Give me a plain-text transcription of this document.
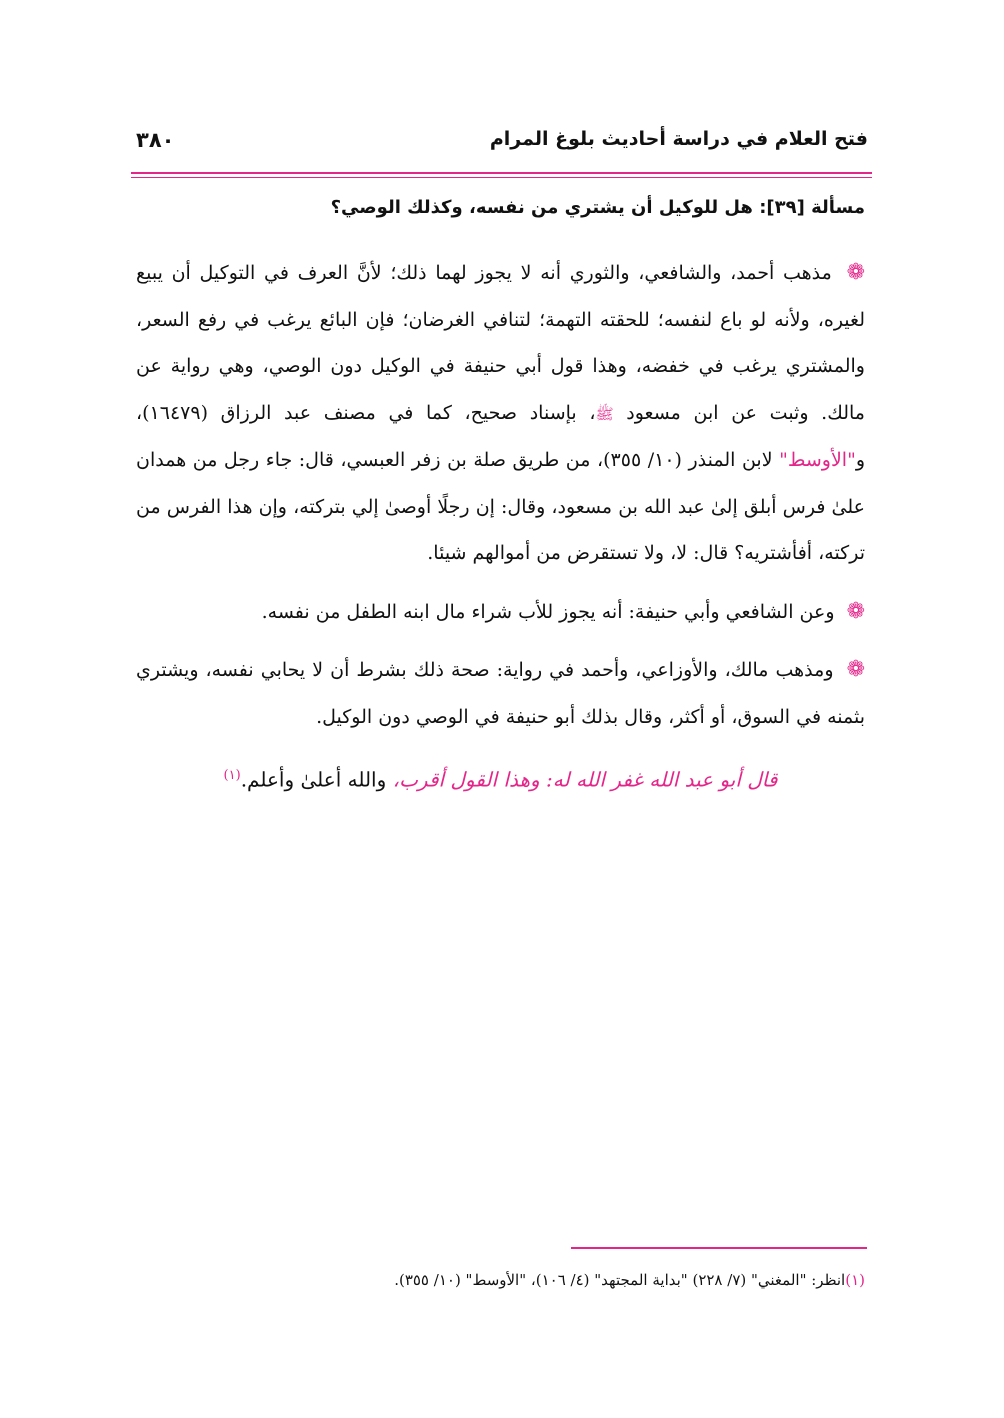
فتح العلام في دراسة أحاديث بلوغ المرام
٣٨٠
مسألة [٣٩]: هل للوكيل أن يشتري من نفسه، وكذلك الوصي؟

❁ مذهب أحمد، والشافعي، والثوري أنه لا يجوز لهما ذلك؛ لأنَّ العرف في التوكيل أن يبيع لغيره، ولأنه لو باع لنفسه؛ للحقته التهمة؛ لتنافي الغرضان؛ فإن البائع يرغب في رفع السعر، والمشتري يرغب في خفضه، وهذا قول أبي حنيفة في الوكيل دون الوصي، وهي رواية عن مالك. وثبت عن ابن مسعود ﷺ، بإسناد صحيح، كما في مصنف عبد الرزاق (١٦٤٧٩)، و"الأوسط" لابن المنذر (١٠/ ٣٥٥)، من طريق صلة بن زفر العبسي، قال: جاء رجل من همدان علىٰ فرس أبلق إلىٰ عبد الله بن مسعود، وقال: إن رجلًا أوصىٰ إلي بتركته، وإن هذا الفرس من تركته، أفأشتريه؟ قال: لا، ولا تستقرض من أموالهم شيئا.

❁ وعن الشافعي وأبي حنيفة: أنه يجوز للأب شراء مال ابنه الطفل من نفسه.

❁ ومذهب مالك، والأوزاعي، وأحمد في رواية: صحة ذلك بشرط أن لا يحابي نفسه، ويشتري بثمنه في السوق، أو أكثر، وقال بذلك أبو حنيفة في الوصي دون الوكيل.

قال أبو عبد الله غفر الله له: وهذا القول أقرب، والله أعلىٰ وأعلم.$^{(١)}$
(١)انظر: "المغني" (٧/ ٢٢٨) "بداية المجتهد" (٤/ ١٠٦)، "الأوسط" (١٠/ ٣٥٥).
